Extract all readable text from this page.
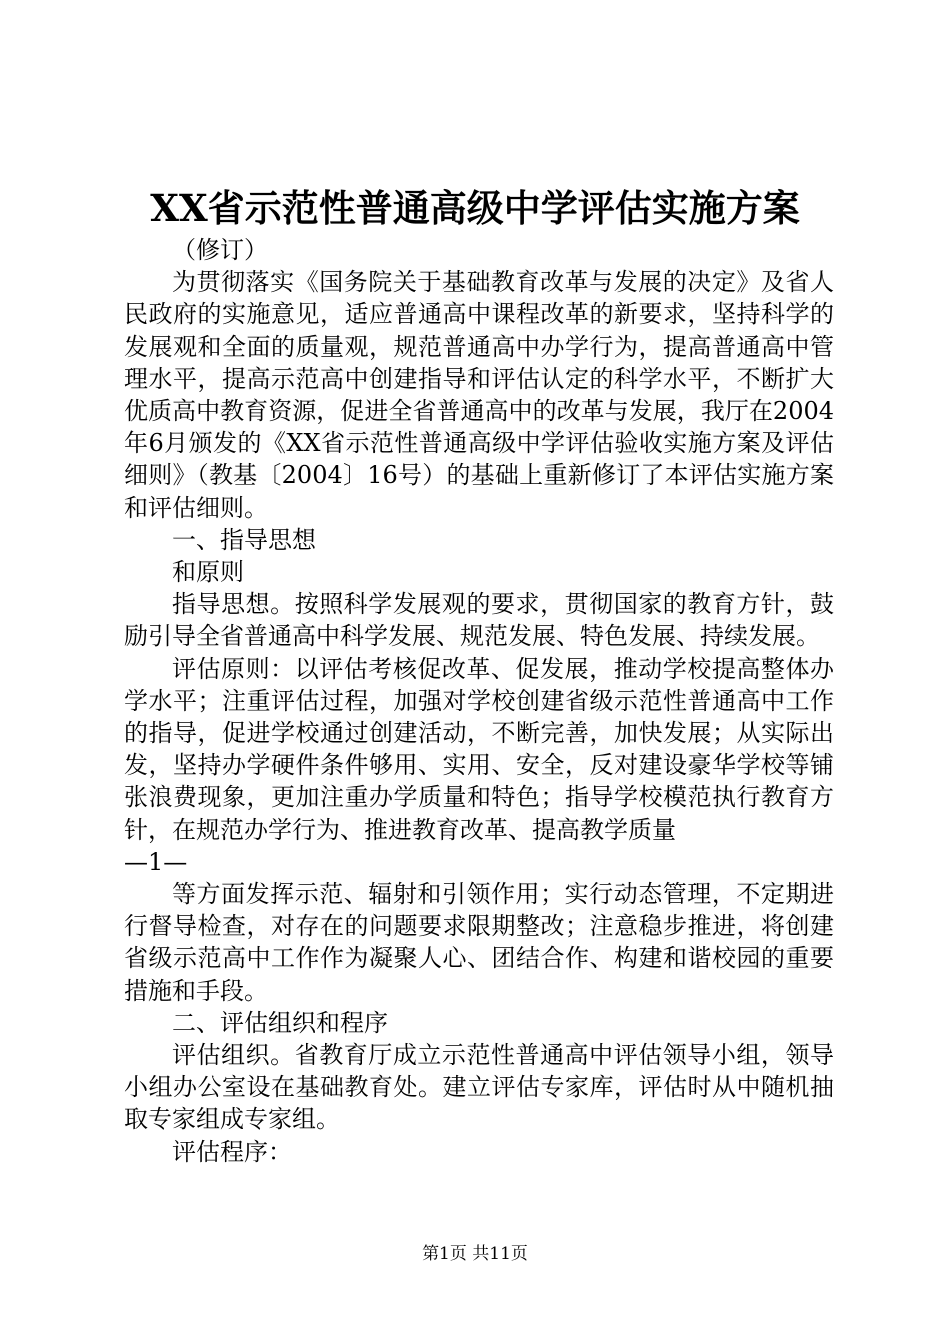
XX省示范性普通高级中学评估实施方案

（修订）

为贯彻落实《国务院关于基础教育改革与发展的决定》及省人民政府的实施意见，适应普通高中课程改革的新要求，坚持科学的发展观和全面的质量观，规范普通高中办学行为，提高普通高中管理水平，提高示范高中创建指导和评估认定的科学水平，不断扩大优质高中教育资源，促进全省普通高中的改革与发展，我厅在2004年6月颁发的《XX省示范性普通高级中学评估验收实施方案及评估细则》（教基〔2004〕16号）的基础上重新修订了本评估实施方案和评估细则。

一、指导思想

和原则

指导思想。按照科学发展观的要求，贯彻国家的教育方针，鼓励引导全省普通高中科学发展、规范发展、特色发展、持续发展。

评估原则：以评估考核促改革、促发展，推动学校提高整体办学水平；注重评估过程，加强对学校创建省级示范性普通高中工作的指导，促进学校通过创建活动，不断完善，加快发展；从实际出发，坚持办学硬件条件够用、实用、安全，反对建设豪华学校等铺张浪费现象，更加注重办学质量和特色；指导学校模范执行教育方针，在规范办学行为、推进教育改革、提高教学质量

—1—

等方面发挥示范、辐射和引领作用；实行动态管理，不定期进行督导检查，对存在的问题要求限期整改；注意稳步推进，将创建省级示范高中工作作为凝聚人心、团结合作、构建和谐校园的重要措施和手段。

二、评估组织和程序

评估组织。省教育厅成立示范性普通高中评估领导小组，领导小组办公室设在基础教育处。建立评估专家库，评估时从中随机抽取专家组成专家组。

评估程序：

第1页 共11页
